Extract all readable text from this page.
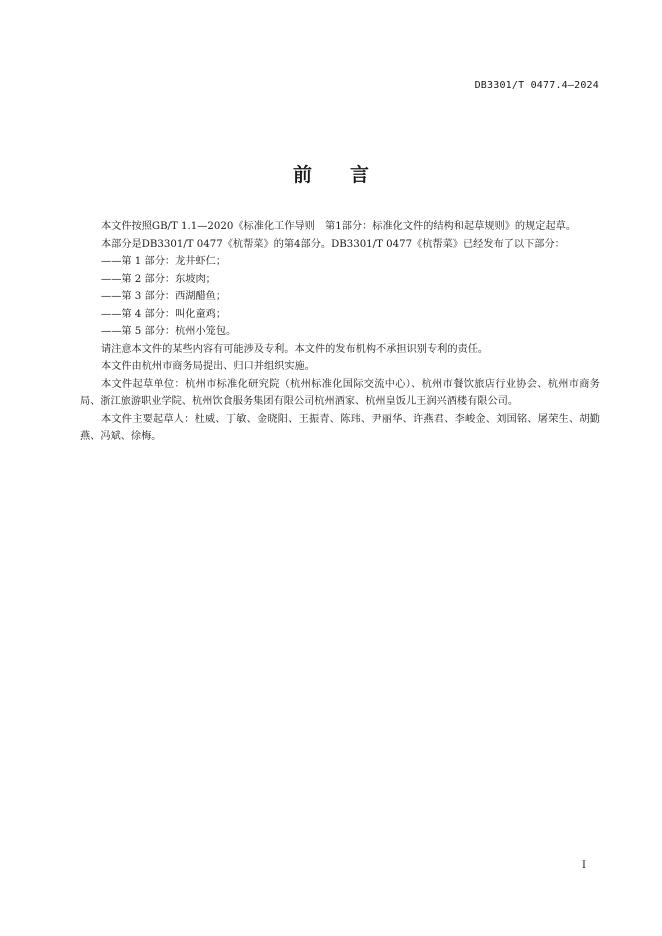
DB3301/T 0477.4—2024
前 言

本文件按照GB/T 1.1—2020《标准化工作导则　第1部分：标准化文件的结构和起草规则》的规定起草。

本部分是DB3301/T 0477《杭帮菜》的第4部分。DB3301/T 0477《杭帮菜》已经发布了以下部分：

——第 1 部分：龙井虾仁；

——第 2 部分：东坡肉；

——第 3 部分：西湖醋鱼；

——第 4 部分：叫化童鸡；

——第 5 部分：杭州小笼包。

请注意本文件的某些内容有可能涉及专利。本文件的发布机构不承担识别专利的责任。

本文件由杭州市商务局提出、归口并组织实施。

本文件起草单位：杭州市标准化研究院（杭州标准化国际交流中心）、杭州市餐饮旅店行业协会、杭州市商务局、浙江旅游职业学院、杭州饮食服务集团有限公司杭州酒家、杭州皇饭儿王润兴酒楼有限公司。

本文件主要起草人：杜威、丁敏、金晓阳、王振青、陈玮、尹丽华、许燕君、李峻金、刘国铭、屠荣生、胡勤燕、冯斌、徐梅。

I
